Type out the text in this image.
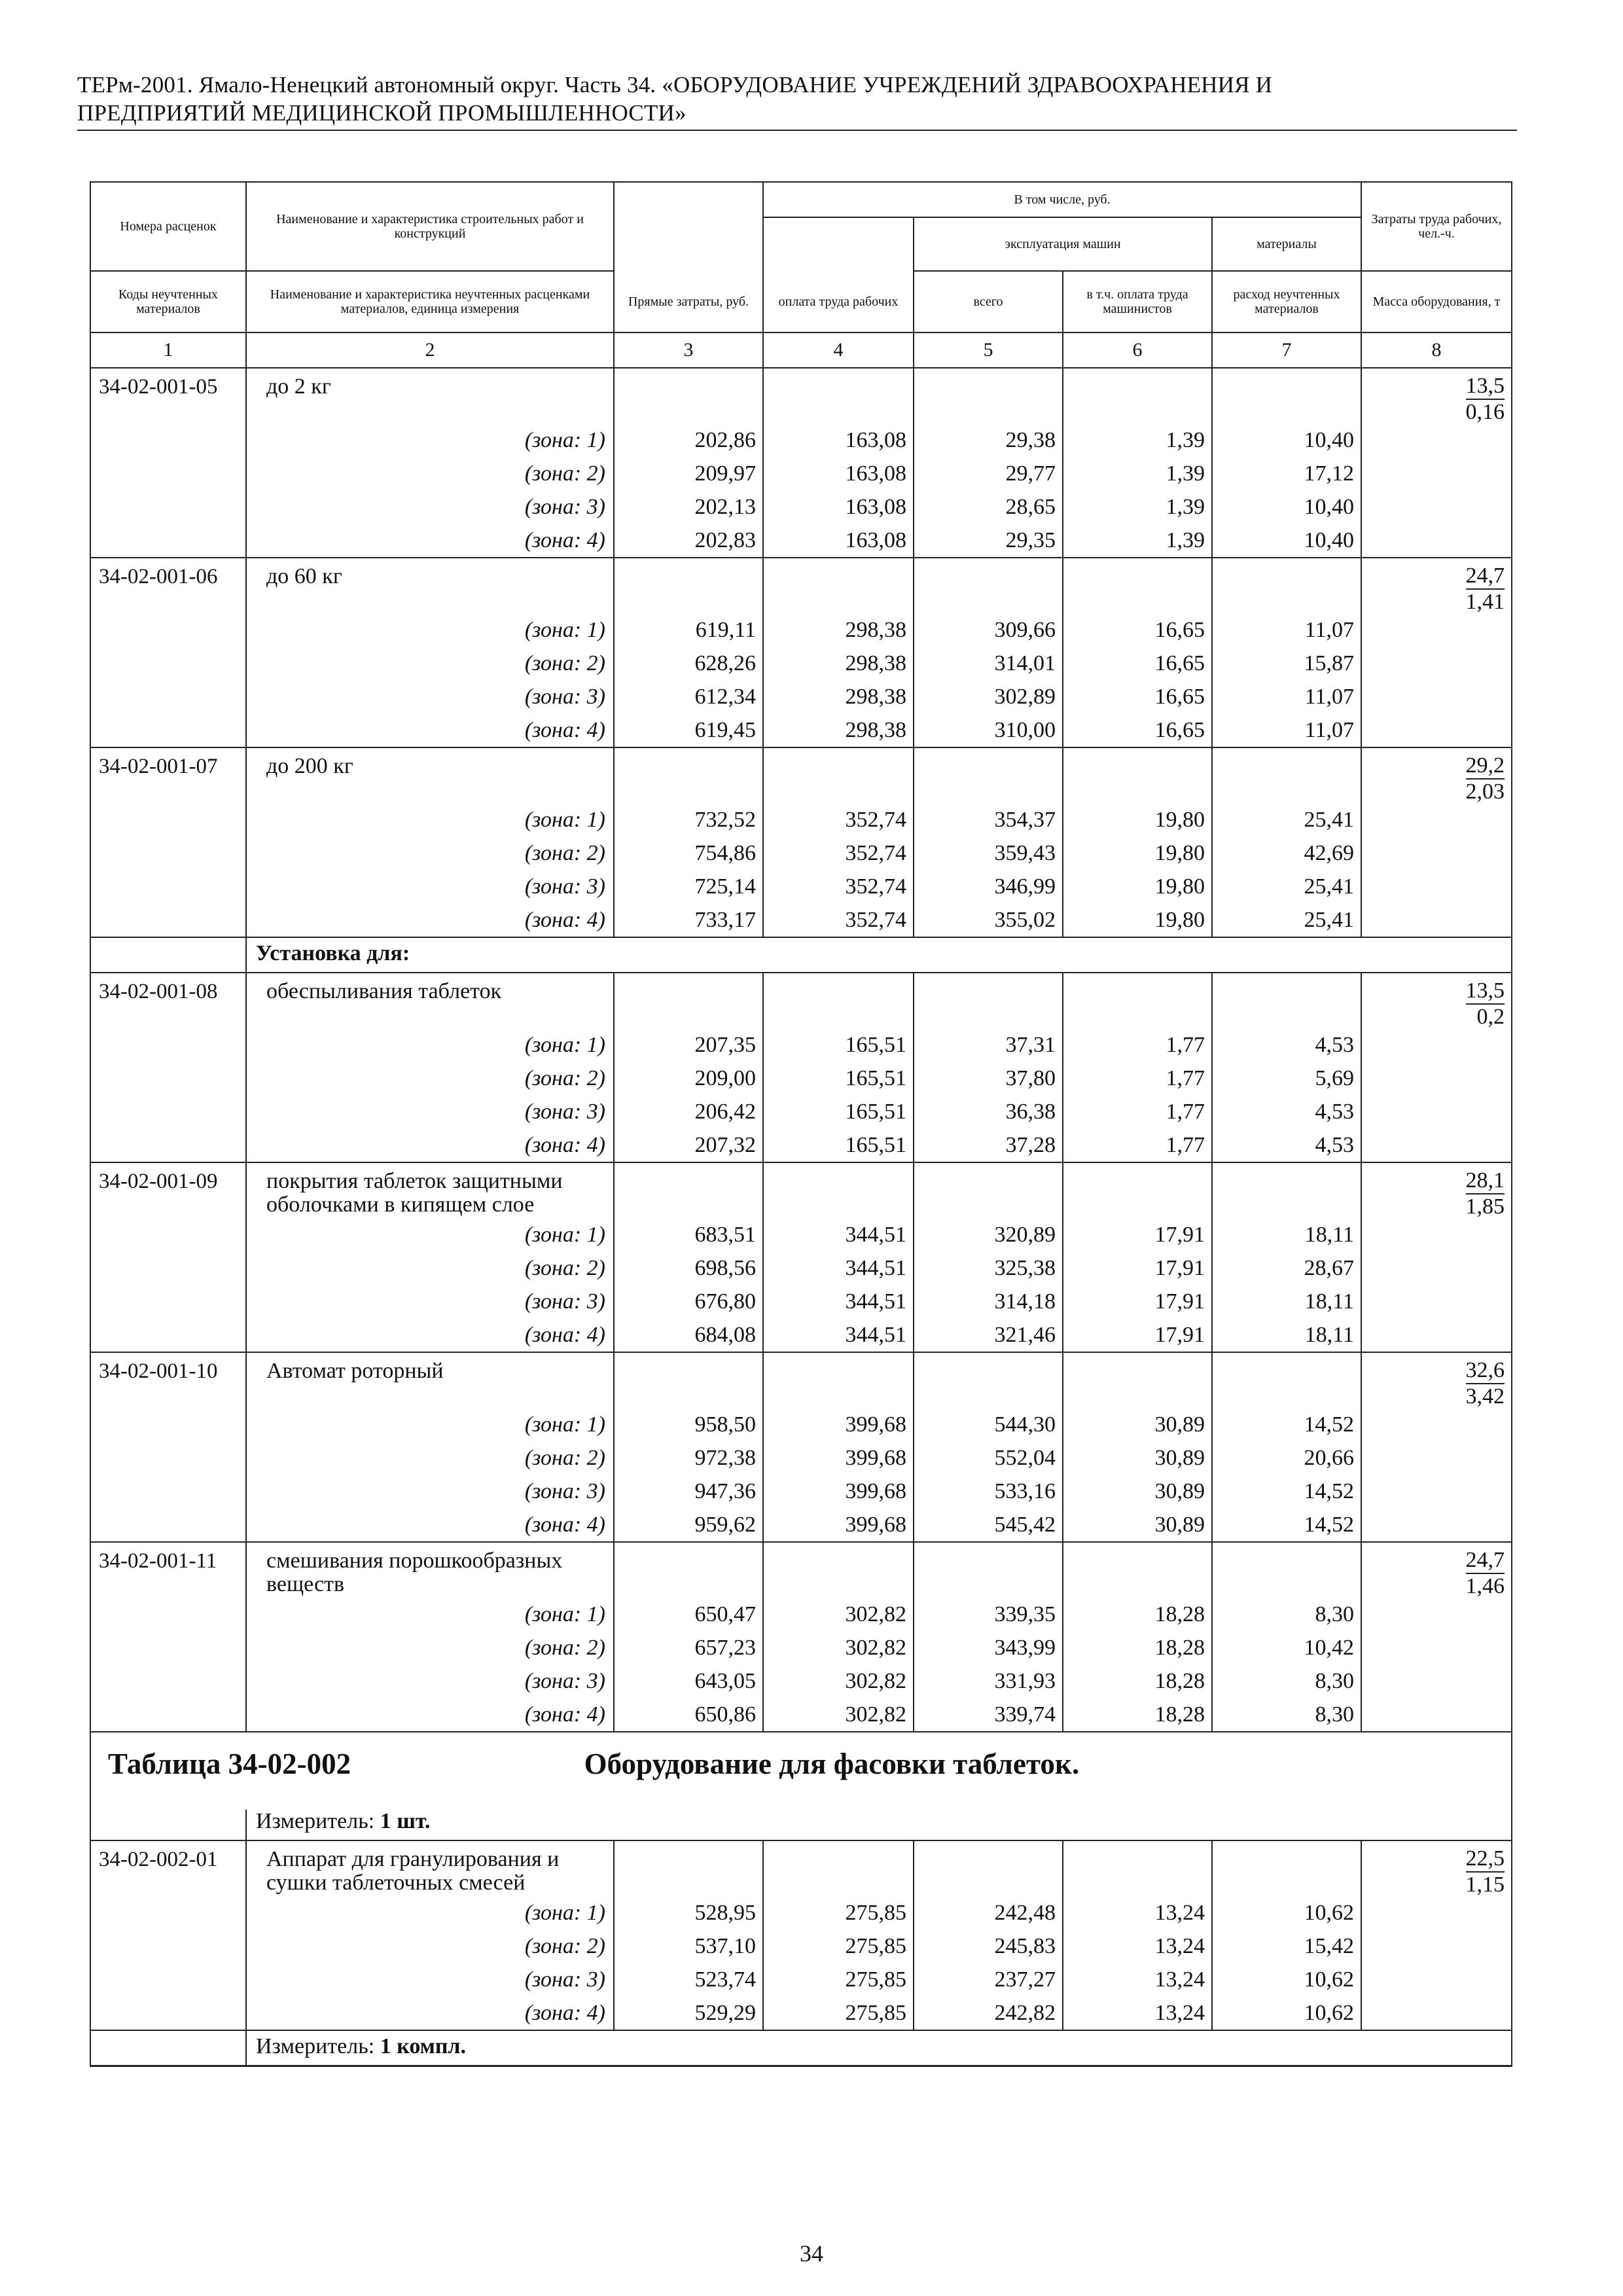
ТЕРм-2001. Ямало-Ненецкий автономный округ. Часть 34. «ОБОРУДОВАНИЕ УЧРЕЖДЕНИЙ ЗДРАВООХРАНЕНИЯ И
ПРЕДПРИЯТИЙ МЕДИЦИНСКОЙ ПРОМЫШЛЕННОСТИ»
Номера расценок	Наименование и характеристика строительных работ и конструкций		В том числе, руб.				Затраты труда рабочих, чел.-ч.
				эксплуатация машин		материалы	
Коды неучтенных материалов	Наименование и характеристика неучтенных расценками материалов, единица измерения	Прямые затраты, руб.	оплата труда рабочих	всего	в т.ч. оплата труда машинистов	расход неучтенных материалов	Масса оборудования, т
1	2	3	4	5	6	7	8
34-02-001-05	до 2 кг						$\frac{13,5}{0,16}$

	(зона: 1)	202,86	163,08	29,38	1,39	10,40	
	(зона: 2)	209,97	163,08	29,77	1,39	17,12	
	(зона: 3)	202,13	163,08	28,65	1,39	10,40	
	(зона: 4)	202,83	163,08	29,35	1,39	10,40	
34-02-001-06	до 60 кг						$\frac{24,7}{1,41}$

	(зона: 1)	619,11	298,38	309,66	16,65	11,07	
	(зона: 2)	628,26	298,38	314,01	16,65	15,87	
	(зона: 3)	612,34	298,38	302,89	16,65	11,07	
	(зона: 4)	619,45	298,38	310,00	16,65	11,07	
34-02-001-07	до 200 кг						$\frac{29,2}{2,03}$

	(зона: 1)	732,52	352,74	354,37	19,80	25,41	
	(зона: 2)	754,86	352,74	359,43	19,80	42,69	
	(зона: 3)	725,14	352,74	346,99	19,80	25,41	
	(зона: 4)	733,17	352,74	355,02	19,80	25,41	
	Установка для:						
34-02-001-08	обеспыливания таблеток						$\frac{13,5}{0,2}$

	(зона: 1)	207,35	165,51	37,31	1,77	4,53	
	(зона: 2)	209,00	165,51	37,80	1,77	5,69	
	(зона: 3)	206,42	165,51	36,38	1,77	4,53	
	(зона: 4)	207,32	165,51	37,28	1,77	4,53	
34-02-001-09	покрытия таблеток защитными оболочками в кипящем слое						$\frac{28,1}{1,85}$

	(зона: 1)	683,51	344,51	320,89	17,91	18,11	
	(зона: 2)	698,56	344,51	325,38	17,91	28,67	
	(зона: 3)	676,80	344,51	314,18	17,91	18,11	
	(зона: 4)	684,08	344,51	321,46	17,91	18,11	
34-02-001-10	Автомат роторный						$\frac{32,6}{3,42}$

	(зона: 1)	958,50	399,68	544,30	30,89	14,52	
	(зона: 2)	972,38	399,68	552,04	30,89	20,66	
	(зона: 3)	947,36	399,68	533,16	30,89	14,52	
	(зона: 4)	959,62	399,68	545,42	30,89	14,52	
34-02-001-11	смешивания порошкообразных веществ						$\frac{24,7}{1,46}$

	(зона: 1)	650,47	302,82	339,35	18,28	8,30	
	(зона: 2)	657,23	302,82	343,99	18,28	10,42	
	(зона: 3)	643,05	302,82	331,93	18,28	8,30	
	(зона: 4)	650,86	302,82	339,74	18,28	8,30	
Таблица 34-02-002 Оборудование для фасовки таблеток.							
	Измеритель: 1 шт.						
34-02-002-01	Аппарат для гранулирования и сушки таблеточных смесей						$\frac{22,5}{1,15}$

	(зона: 1)	528,95	275,85	242,48	13,24	10,62	
	(зона: 2)	537,10	275,85	245,83	13,24	15,42	
	(зона: 3)	523,74	275,85	237,27	13,24	10,62	
	(зона: 4)	529,29	275,85	242,82	13,24	10,62	
	Измеритель: 1 компл.						
34
